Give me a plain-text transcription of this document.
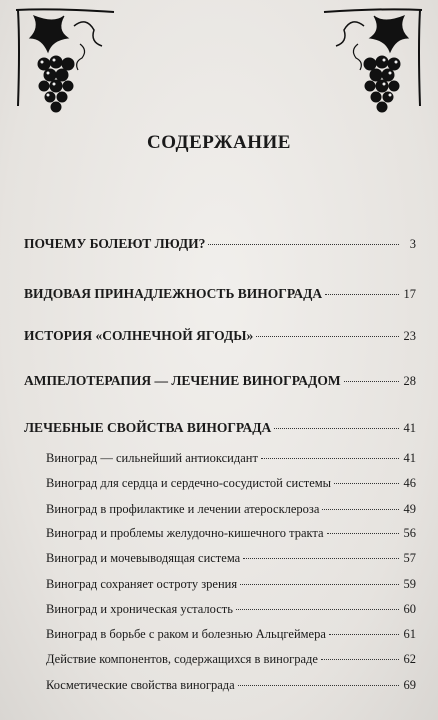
СОДЕРЖАНИЕ
ПОЧЕМУ БОЛЕЮТ ЛЮДИ?	3
ВИДОВАЯ ПРИНАДЛЕЖНОСТЬ ВИНОГРАДА	17
ИСТОРИЯ «СОЛНЕЧНОЙ ЯГОДЫ»	23
АМПЕЛОТЕРАПИЯ — ЛЕЧЕНИЕ ВИНОГРАДОМ	28
ЛЕЧЕБНЫЕ СВОЙСТВА ВИНОГРАДА	41
Виноград — сильнейший антиоксидант	41
Виноград для сердца и сердечно-сосудистой системы	46
Виноград в профилактике и лечении атеросклероза	49
Виноград и проблемы желудочно-кишечного тракта	56
Виноград и мочевыводящая система	57
Виноград сохраняет остроту зрения	59
Виноград и хроническая усталость	60
Виноград в борьбе с раком и болезнью Альцгеймера	61
Действие компонентов, содержащихся в винограде	62
Косметические свойства винограда	69
